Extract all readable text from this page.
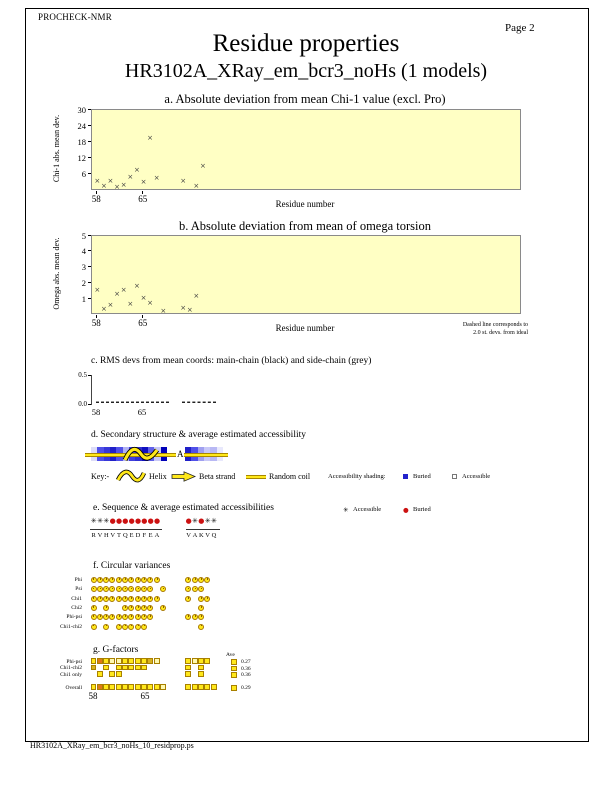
PROCHECK-NMR
Page 2
Residue properties
HR3102A_XRay_em_bcr3_noHs (1 models)
a. Absolute deviation from mean Chi-1 value (excl. Pro)
Chi-1 abs. mean dev.	×
×
×
× ×
×
×
×
×
×	×
×
×
Residue number
6
12
18
24
30
58	65
b. Absolute deviation from mean of omega torsion
Omega abs. mean dev.	×
×
×
× ×
×
×
×
×
× × ×
×
Residue number	Dashed line corresponds to
2.0 st. devs. from ideal
1
2
3
4
5
58	65
c. RMS devs from mean coords: main-chain (black) and side-chain (grey)
0.5
0.0
58	65
d. Secondary structure & average estimated accessibility
A
Key:-	Helix	Beta strand	Random coil	Accessibility shading:	Buried	Accessible
e. Sequence & average estimated accessibilities	✳ Accessible	● Buried
✳
R
✳
V
✳
H
●
V
●
T
●
Q
●
E
●
D
●
F
●
E
●
A
●
V
✳
A
●
K
✳
V
✳
Q
f. Circular variances
Phi
Psi
Chi1
Chi2
Phi-psi
Chi1-chi2
g. G-factors	Ave
Phi-psi	0.27
Chi1-chi2	0.36
Chi1 only	0.36
Overall	0.29
58	65
HR3102A_XRay_em_bcr3_noHs_10_residprop.ps
